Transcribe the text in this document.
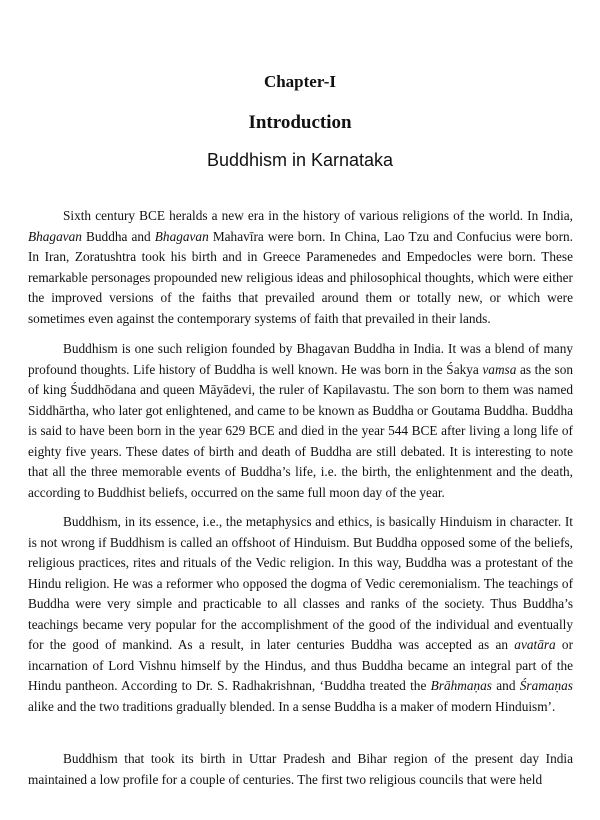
Chapter-I
Introduction
Buddhism in Karnataka

Sixth century BCE heralds a new era in the history of various religions of the world. In India, Bhagavan Buddha and Bhagavan Mahavīra were born. In China, Lao Tzu and Confucius were born. In Iran, Zoratushtra took his birth and in Greece Paramenedes and Empedocles were born. These remarkable personages propounded new religious ideas and philosophical thoughts, which were either the improved versions of the faiths that prevailed around them or totally new, or which were sometimes even against the contemporary systems of faith that prevailed in their lands.

Buddhism is one such religion founded by Bhagavan Buddha in India. It was a blend of many profound thoughts. Life history of Buddha is well known. He was born in the Śakya vamsa as the son of king Śuddhōdana and queen Māyādevi, the ruler of Kapilavastu. The son born to them was named Siddhārtha, who later got enlightened, and came to be known as Buddha or Goutama Buddha. Buddha is said to have been born in the year 629 BCE and died in the year 544 BCE after living a long life of eighty five years. These dates of birth and death of Buddha are still debated. It is interesting to note that all the three memorable events of Buddha’s life, i.e. the birth, the enlightenment and the death, according to Buddhist beliefs, occurred on the same full moon day of the year.

Buddhism, in its essence, i.e., the metaphysics and ethics, is basically Hinduism in character. It is not wrong if Buddhism is called an offshoot of Hinduism. But Buddha opposed some of the beliefs, religious practices, rites and rituals of the Vedic religion. In this way, Buddha was a protestant of the Hindu religion. He was a reformer who opposed the dogma of Vedic ceremonialism. The teachings of Buddha were very simple and practicable to all classes and ranks of the society. Thus Buddha’s teachings became very popular for the accomplishment of the good of the individual and eventually for the good of mankind. As a result, in later centuries Buddha was accepted as an avatāra or incarnation of Lord Vishnu himself by the Hindus, and thus Buddha became an integral part of the Hindu pantheon. According to Dr. S. Radhakrishnan, ‘Buddha treated the Brāhmaṇas and Śramaṇas alike and the two traditions gradually blended. In a sense Buddha is a maker of modern Hinduism’.

Buddhism that took its birth in Uttar Pradesh and Bihar region of the present day India maintained a low profile for a couple of centuries. The first two religious councils that were held
